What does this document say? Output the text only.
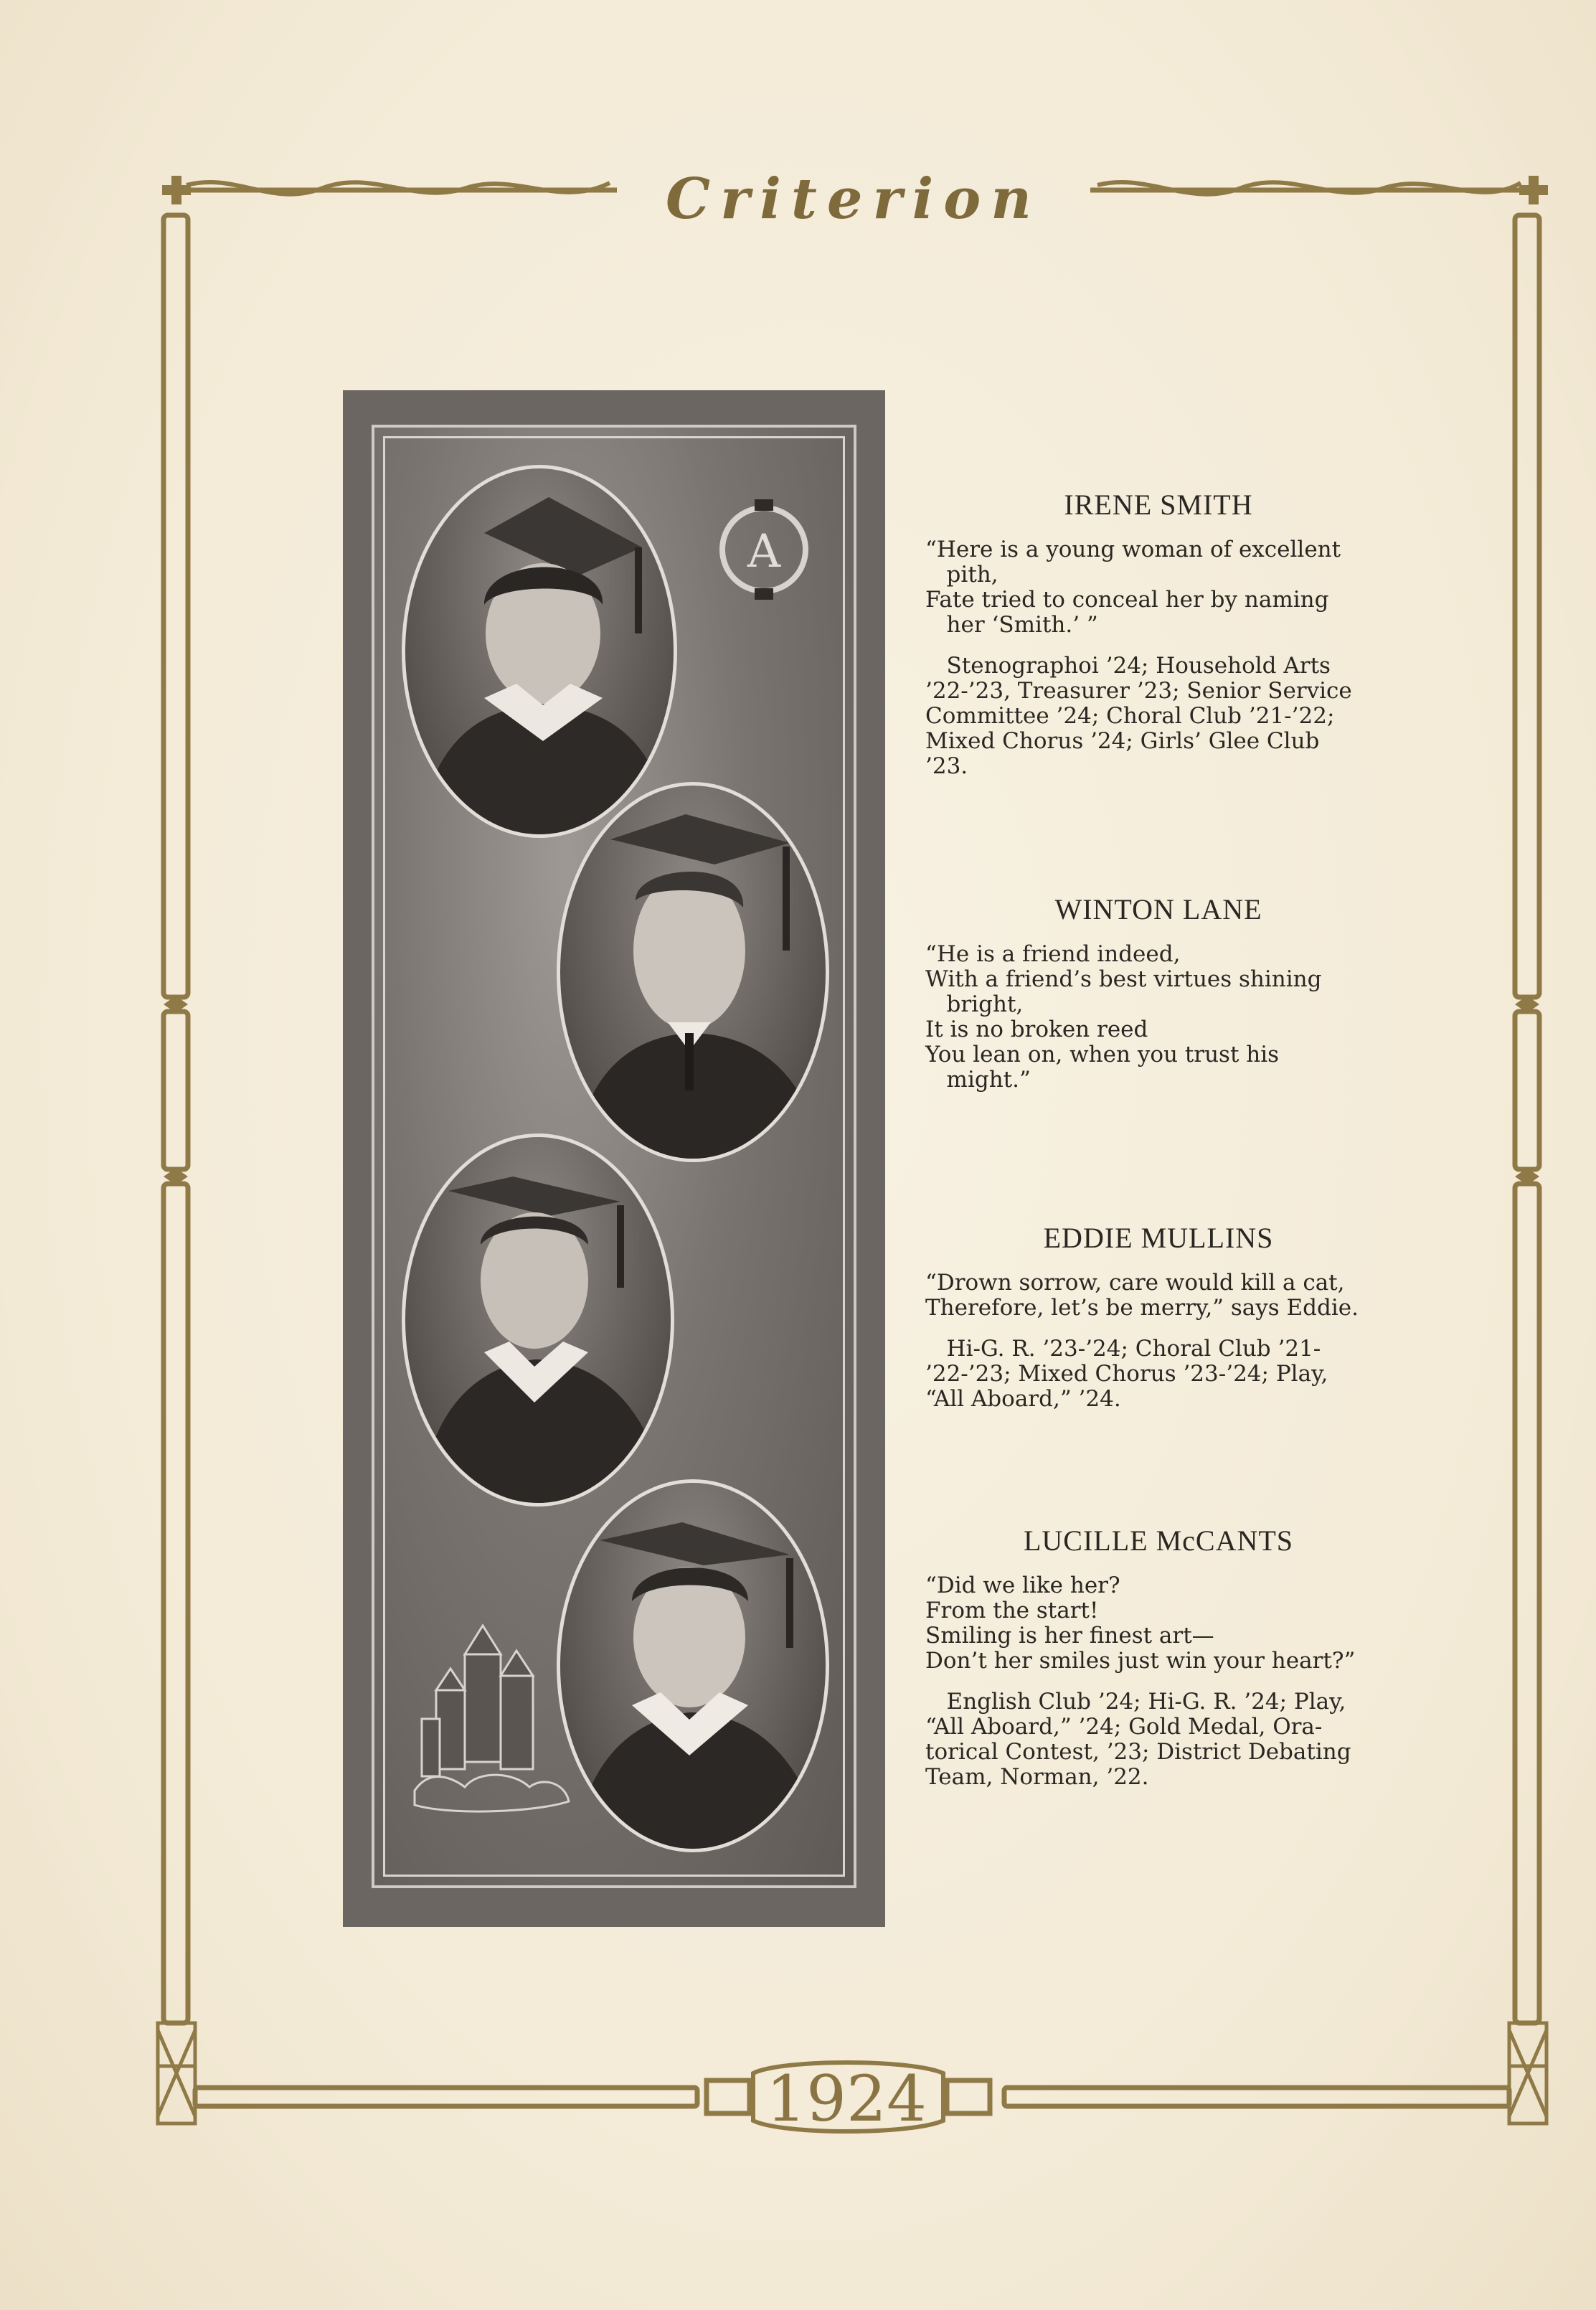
Criterion
1924
A
IRENE SMITH
“Here is a young woman of excellent
pith,
Fate tried to conceal her by naming
her ‘Smith.’ ”
Stenographoi ’24; Household Arts
’22-’23, Treasurer ’23; Senior Service
Committee ’24; Choral Club ’21-’22;
Mixed Chorus ’24; Girls’ Glee Club
’23.
WINTON LANE
“He is a friend indeed,
With a friend’s best virtues shining
bright,
It is no broken reed
You lean on, when you trust his
might.”
EDDIE MULLINS
“Drown sorrow, care would kill a cat,
Therefore, let’s be merry,” says Eddie.
Hi-G. R. ’23-’24; Choral Club ’21-
’22-’23; Mixed Chorus ’23-’24; Play,
“All Aboard,” ’24.
LUCILLE McCANTS
“Did we like her?
From the start!
Smiling is her finest art—
Don’t her smiles just win your heart?”
English Club ’24; Hi-G. R. ’24; Play,
“All Aboard,” ’24; Gold Medal, Ora-
torical Contest, ’23; District Debating
Team, Norman, ’22.
